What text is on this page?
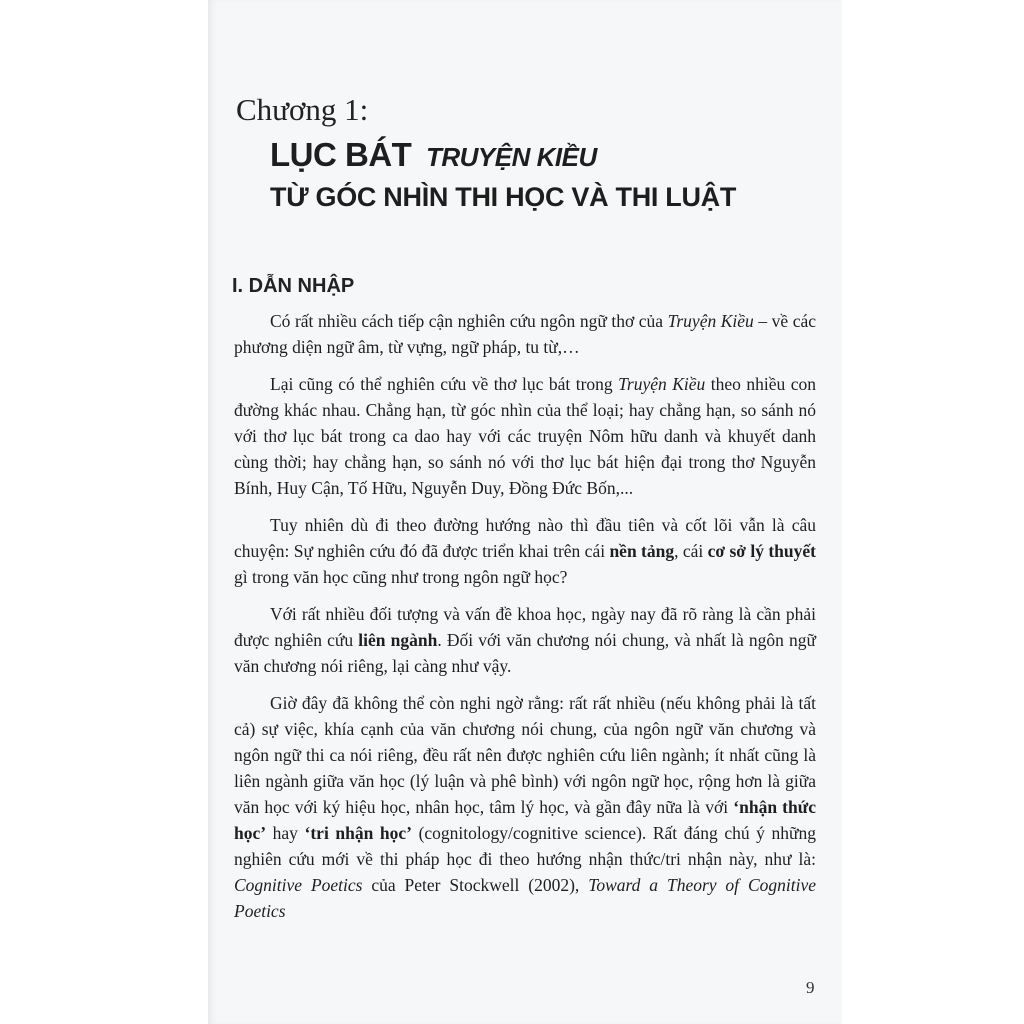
Chương 1:
LỤC BÁT TRUYỆN KIỀU
TỪ GÓC NHÌN THI HỌC VÀ THI LUẬT
I. DẪN NHẬP

Có rất nhiều cách tiếp cận nghiên cứu ngôn ngữ thơ của Truyện Kiều – về các phương diện ngữ âm, từ vựng, ngữ pháp, tu từ,…

Lại cũng có thể nghiên cứu về thơ lục bát trong Truyện Kiều theo nhiều con đường khác nhau. Chẳng hạn, từ góc nhìn của thể loại; hay chẳng hạn, so sánh nó với thơ lục bát trong ca dao hay với các truyện Nôm hữu danh và khuyết danh cùng thời; hay chẳng hạn, so sánh nó với thơ lục bát hiện đại trong thơ Nguyễn Bính, Huy Cận, Tố Hữu, Nguyễn Duy, Đồng Đức Bốn,...

Tuy nhiên dù đi theo đường hướng nào thì đầu tiên và cốt lõi vẫn là câu chuyện: Sự nghiên cứu đó đã được triển khai trên cái nền tảng, cái cơ sở lý thuyết gì trong văn học cũng như trong ngôn ngữ học?

Với rất nhiều đối tượng và vấn đề khoa học, ngày nay đã rõ ràng là cần phải được nghiên cứu liên ngành. Đối với văn chương nói chung, và nhất là ngôn ngữ văn chương nói riêng, lại càng như vậy.

Giờ đây đã không thể còn nghi ngờ rằng: rất rất nhiều (nếu không phải là tất cả) sự việc, khía cạnh của văn chương nói chung, của ngôn ngữ văn chương và ngôn ngữ thi ca nói riêng, đều rất nên được nghiên cứu liên ngành; ít nhất cũng là liên ngành giữa văn học (lý luận và phê bình) với ngôn ngữ học, rộng hơn là giữa văn học với ký hiệu học, nhân học, tâm lý học, và gần đây nữa là với ‘nhận thức học’ hay ‘tri nhận học’ (cognitology/cognitive science). Rất đáng chú ý những nghiên cứu mới về thi pháp học đi theo hướng nhận thức/tri nhận này, như là: Cognitive Poetics của Peter Stockwell (2002), Toward a Theory of Cognitive Poetics

9
